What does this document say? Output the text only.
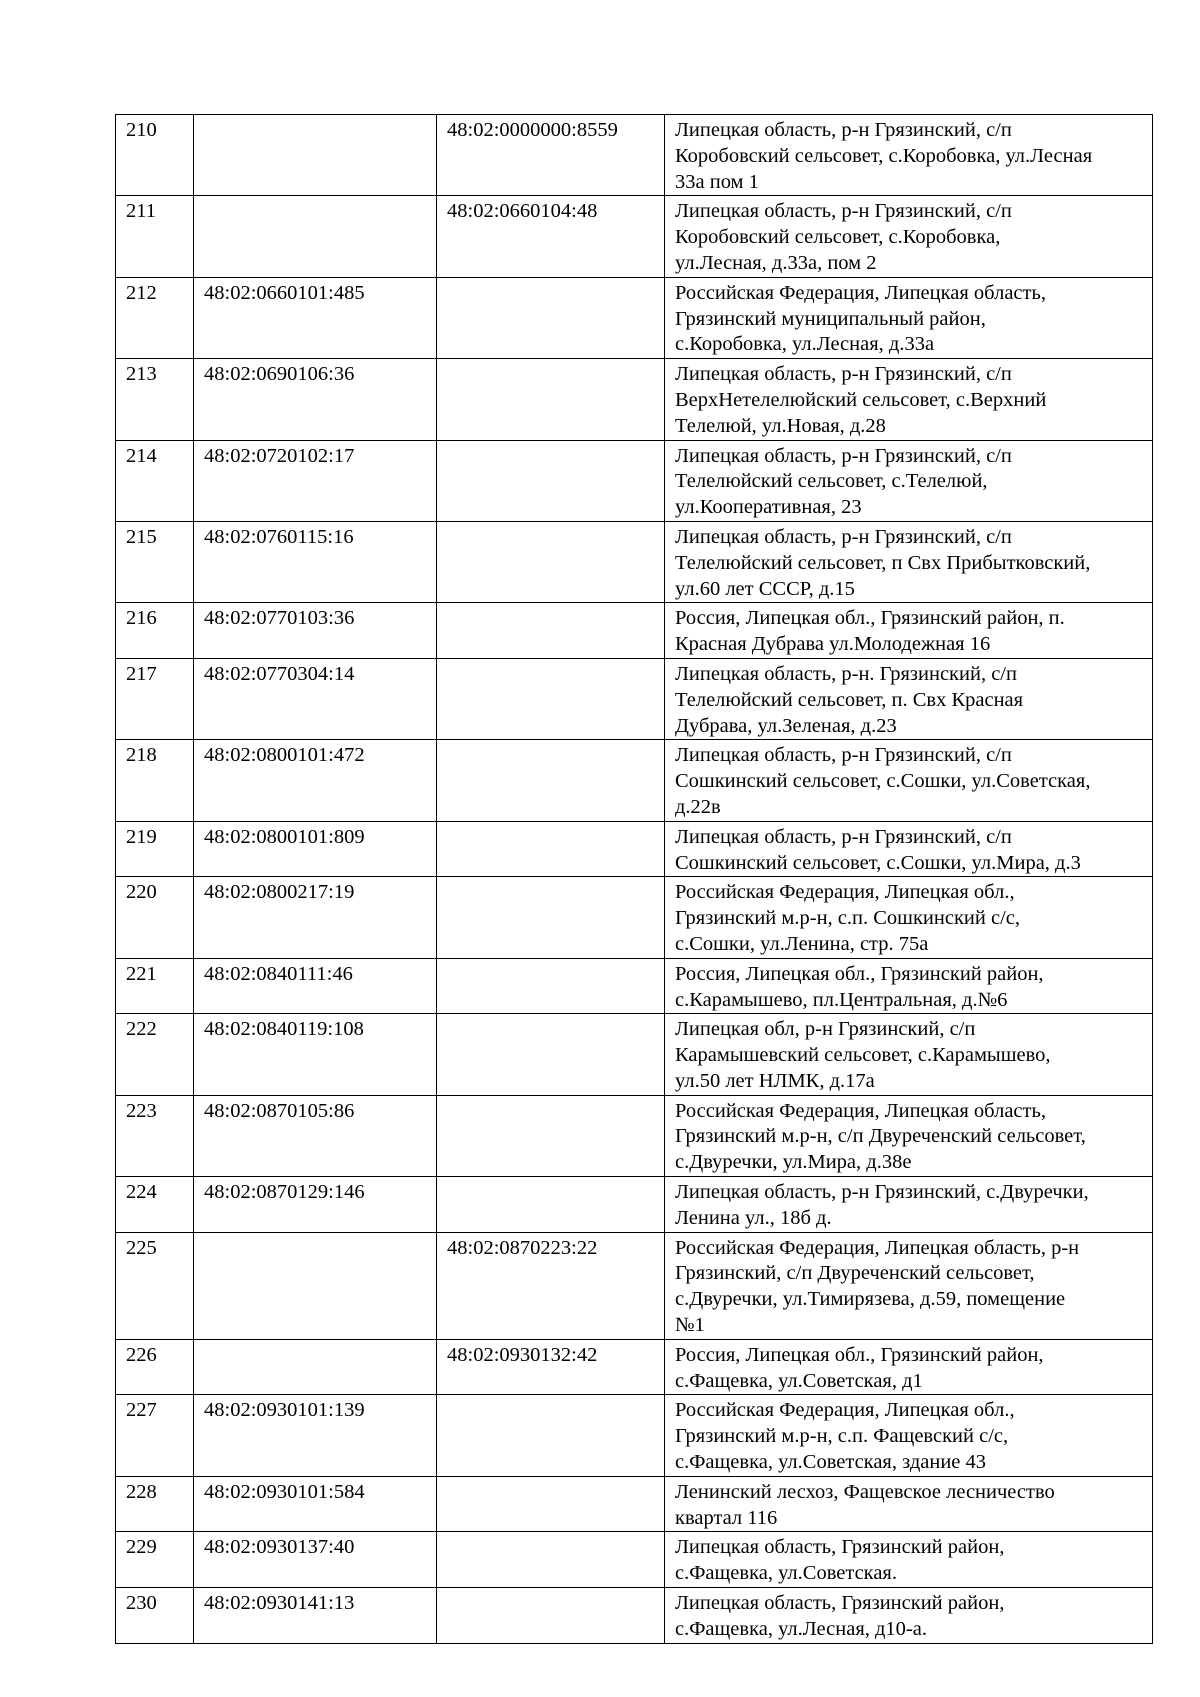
210		48:02:0000000:8559	Липецкая область, р-н Грязинский, с/п
Коробовский сельсовет, с.Коробовка, ул.Лесная
33а пом 1
211		48:02:0660104:48	Липецкая область, р-н Грязинский, с/п
Коробовский сельсовет, с.Коробовка,
ул.Лесная, д.33а, пом 2
212	48:02:0660101:485		Российская Федерация, Липецкая область,
Грязинский муниципальный район,
с.Коробовка, ул.Лесная, д.33а
213	48:02:0690106:36		Липецкая область, р-н Грязинский, с/п
ВерхНетелелюйский сельсовет, с.Верхний
Телелюй, ул.Новая, д.28
214	48:02:0720102:17		Липецкая область, р-н Грязинский, с/п
Телелюйский сельсовет, с.Телелюй,
ул.Кооперативная, 23
215	48:02:0760115:16		Липецкая область, р-н Грязинский, с/п
Телелюйский сельсовет, п Свх Прибытковский,
ул.60 лет СССР, д.15
216	48:02:0770103:36		Россия, Липецкая обл., Грязинский район, п.
Красная Дубрава ул.Молодежная 16
217	48:02:0770304:14		Липецкая область, р-н. Грязинский, с/п
Телелюйский сельсовет, п. Свх Красная
Дубрава, ул.Зеленая, д.23
218	48:02:0800101:472		Липецкая область, р-н Грязинский, с/п
Сошкинский сельсовет, с.Сошки, ул.Советская,
д.22в
219	48:02:0800101:809		Липецкая область, р-н Грязинский, с/п
Сошкинский сельсовет, с.Сошки, ул.Мира, д.3
220	48:02:0800217:19		Российская Федерация, Липецкая обл.,
Грязинский м.р-н, с.п. Сошкинский с/с,
с.Сошки, ул.Ленина, стр. 75а
221	48:02:0840111:46		Россия, Липецкая обл., Грязинский район,
с.Карамышево, пл.Центральная, д.№6
222	48:02:0840119:108		Липецкая обл, р-н Грязинский, с/п
Карамышевский сельсовет, с.Карамышево,
ул.50 лет НЛМК, д.17а
223	48:02:0870105:86		Российская Федерация, Липецкая область,
Грязинский м.р-н, с/п Двуреченский сельсовет,
с.Двуречки, ул.Мира, д.38е
224	48:02:0870129:146		Липецкая область, р-н Грязинский, с.Двуречки,
Ленина ул., 18б д.
225		48:02:0870223:22	Российская Федерация, Липецкая область, р-н
Грязинский, с/п Двуреченский сельсовет,
с.Двуречки, ул.Тимирязева, д.59, помещение
№1
226		48:02:0930132:42	Россия, Липецкая обл., Грязинский район,
с.Фащевка, ул.Советская, д1
227	48:02:0930101:139		Российская Федерация, Липецкая обл.,
Грязинский м.р-н, с.п. Фащевский с/с,
с.Фащевка, ул.Советская, здание 43
228	48:02:0930101:584		Ленинский лесхоз, Фащевское лесничество
квартал 116
229	48:02:0930137:40		Липецкая область, Грязинский район,
с.Фащевка, ул.Советская.
230	48:02:0930141:13		Липецкая область, Грязинский район,
с.Фащевка, ул.Лесная, д10-а.
